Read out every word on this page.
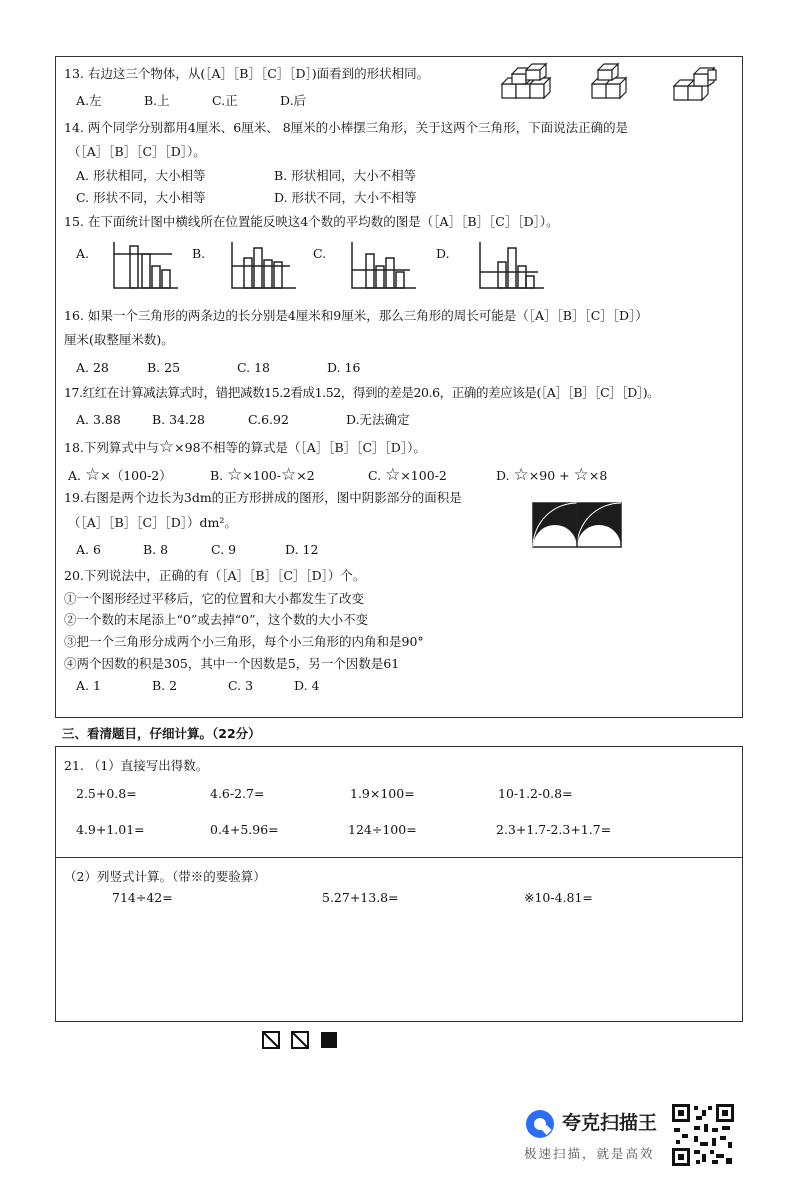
13. 右边这三个物体，从(［A］［B］［C］［D］)面看到的形状相同。
A.左	B.上	C.正	D.后
14. 两个同学分别都用4厘米、6厘米、 8厘米的小棒摆三角形，关于这两个三角形，下面说法正确的是
（［A］［B］［C］［D］）。
A. 形状相同，大小相等	B. 形状相同，大小不相等
C. 形状不同，大小相等	D. 形状不同，大小不相等
15. 在下面统计图中横线所在位置能反映这4个数的平均数的图是（［A］［B］［C］［D］）。
A.	B.	C.	D.
16. 如果一个三角形的两条边的长分别是4厘米和9厘米，那么三角形的周长可能是（［A］［B］［C］［D］）
厘米(取整厘米数)。
A. 28	B. 25	C. 18	D. 16
17.红红在计算减法算式时，错把减数15.2看成1.52，得到的差是20.6，正确的差应该是(［A］［B］［C］［D］)。
A. 3.88 B. 34.28	C.6.92	D.无法确定
18.下列算式中与☆×98不相等的算式是（［A］［B］［C］［D］）。
A. ☆×（100-2）	B. ☆×100-☆×2	C. ☆×100-2	D. ☆×90 + ☆×8
19.右图是两个边长为3dm的正方形拼成的图形，图中阴影部分的面积是
（［A］［B］［C］［D］）dm²。
A. 6	B. 8	C. 9	D. 12
20.下列说法中，正确的有（［A］［B］［C］［D］）个。
①一个图形经过平移后，它的位置和大小都发生了改变
②一个数的末尾添上“0”或去掉“0”，这个数的大小不变
③把一个三角形分成两个小三角形，每个小三角形的内角和是90°
④两个因数的积是305，其中一个因数是5，另一个因数是61
A. 1	B. 2	C. 3	D. 4
三、看清题目，仔细计算。（22分）
21. （1）直接写出得数。
2.5+0.8=	4.6-2.7=	1.9×100=	10-1.2-0.8=
4.9+1.01=	0.4+5.96=	124÷100=	2.3+1.7-2.3+1.7=
（2）列竖式计算。（带※的要验算）
714÷42=	5.27+13.8=	※10-4.81=
夸克扫描王
极速扫描，就是高效
